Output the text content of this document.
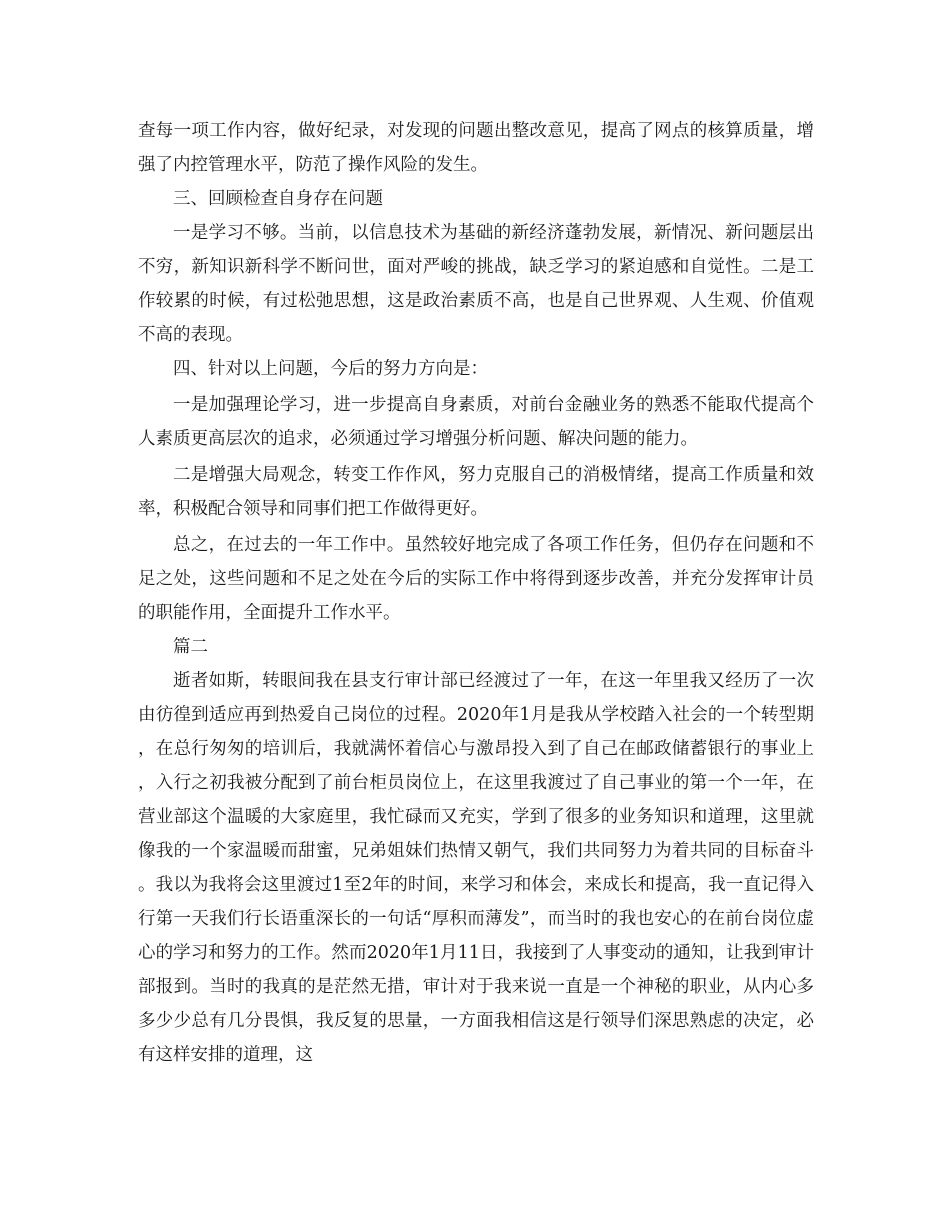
查每一项工作内容，做好纪录，对发现的问题出整改意见，提高了网点的核算质量，增强了内控管理水平，防范了操作风险的发生。

三、回顾检查自身存在问题

一是学习不够。当前，以信息技术为基础的新经济蓬勃发展，新情况、新问题层出不穷，新知识新科学不断问世，面对严峻的挑战，缺乏学习的紧迫感和自觉性。二是工作较累的时候，有过松弛思想，这是政治素质不高，也是自己世界观、人生观、价值观不高的表现。

四、针对以上问题，今后的努力方向是：

一是加强理论学习，进一步提高自身素质，对前台金融业务的熟悉不能取代提高个人素质更高层次的追求，必须通过学习增强分析问题、解决问题的能力。

二是增强大局观念，转变工作作风，努力克服自己的消极情绪，提高工作质量和效率，积极配合领导和同事们把工作做得更好。

总之，在过去的一年工作中。虽然较好地完成了各项工作任务，但仍存在问题和不足之处，这些问题和不足之处在今后的实际工作中将得到逐步改善，并充分发挥审计员的职能作用，全面提升工作水平。

篇二

逝者如斯，转眼间我在县支行审计部已经渡过了一年，在这一年里我又经历了一次由彷徨到适应再到热爱自己岗位的过程。2020年1月是我从学校踏入社会的一个转型期，在总行匆匆的培训后，我就满怀着信心与激昂投入到了自己在邮政储蓄银行的事业上，入行之初我被分配到了前台柜员岗位上，在这里我渡过了自己事业的第一个一年，在营业部这个温暖的大家庭里，我忙碌而又充实，学到了很多的业务知识和道理，这里就像我的一个家温暖而甜蜜，兄弟姐妹们热情又朝气，我们共同努力为着共同的目标奋斗。我以为我将会这里渡过1至2年的时间，来学习和体会，来成长和提高，我一直记得入行第一天我们行长语重深长的一句话“厚积而薄发”，而当时的我也安心的在前台岗位虚心的学习和努力的工作。然而2020年1月11日，我接到了人事变动的通知，让我到审计部报到。当时的我真的是茫然无措，审计对于我来说一直是一个神秘的职业，从内心多多少少总有几分畏惧，我反复的思量，一方面我相信这是行领导们深思熟虑的决定，必有这样安排的道理，这
